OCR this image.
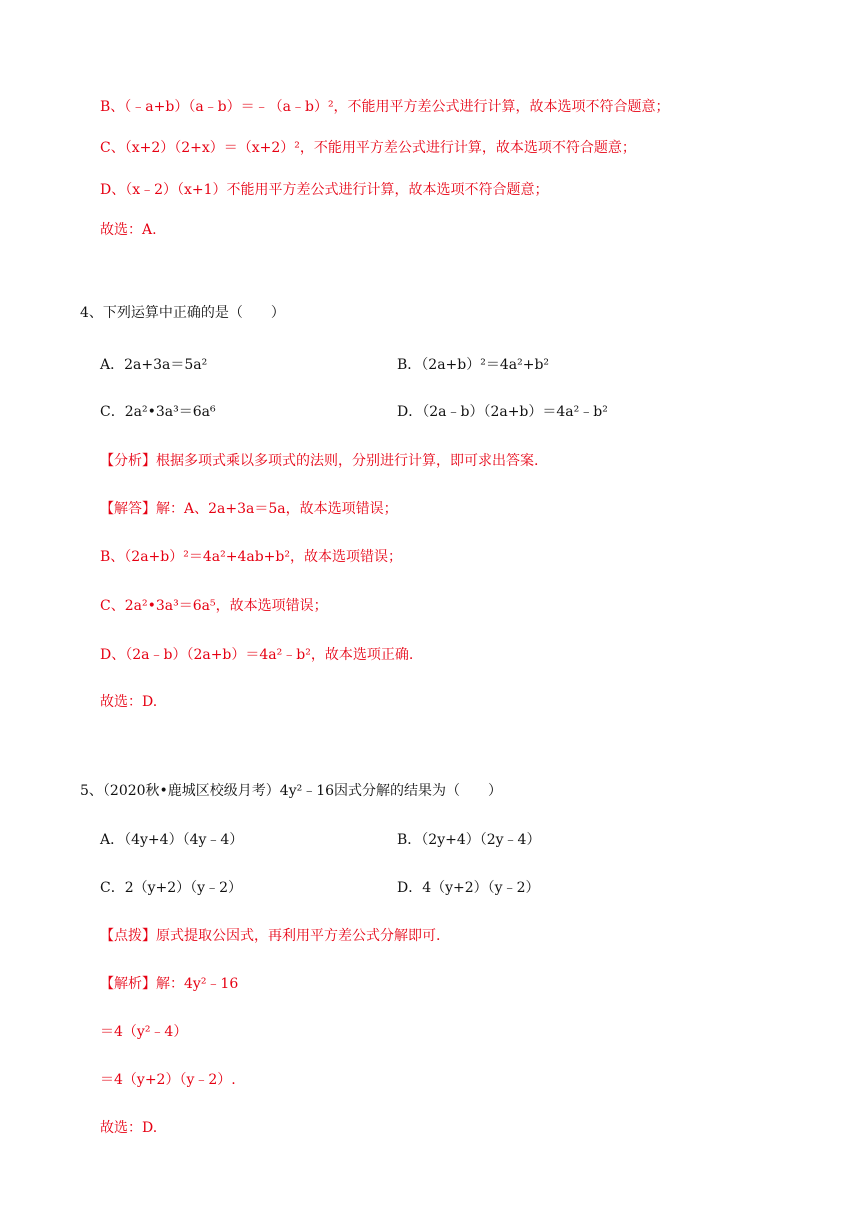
B、（﹣a+b）（a﹣b）＝﹣（a﹣b）²，不能用平方差公式进行计算，故本选项不符合题意；
C、（x+2）（2+x）＝（x+2）²，不能用平方差公式进行计算，故本选项不符合题意；
D、（x﹣2）（x+1）不能用平方差公式进行计算，故本选项不符合题意；
故选：A.
4、下列运算中正确的是（　　）
A．2a+3a＝5a²	B．（2a+b）²＝4a²+b²
C．2a²•3a³＝6a⁶	D．（2a﹣b）（2a+b）＝4a²﹣b²
【分析】根据多项式乘以多项式的法则，分别进行计算，即可求出答案.
【解答】解：A、2a+3a＝5a，故本选项错误；
B、（2a+b）²＝4a²+4ab+b²，故本选项错误；
C、2a²•3a³＝6a⁵，故本选项错误；
D、（2a﹣b）（2a+b）＝4a²﹣b²，故本选项正确.
故选：D.
5、（2020秋•鹿城区校级月考）4y²﹣16因式分解的结果为（　　）
A．（4y+4）（4y﹣4）	B．（2y+4）（2y﹣4）
C．2（y+2）（y﹣2）	D．4（y+2）（y﹣2）
【点拨】原式提取公因式，再利用平方差公式分解即可.
【解析】解：4y²﹣16
＝4（y²﹣4）
＝4（y+2）（y﹣2）.
故选：D.
